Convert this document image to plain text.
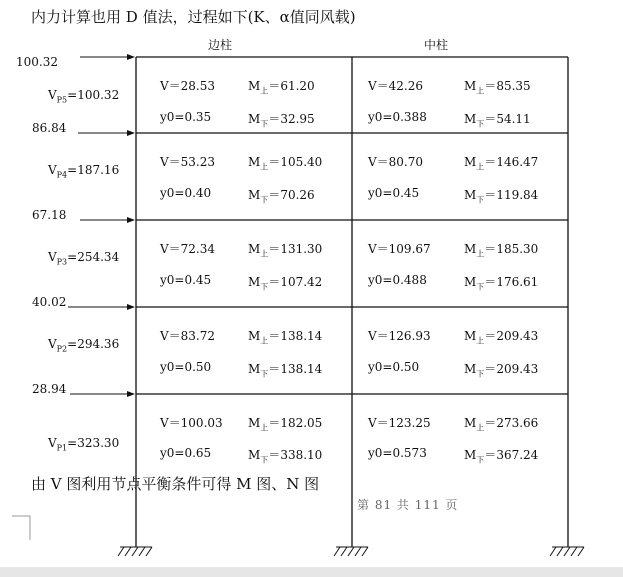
内力计算也用 D 值法，过程如下(K、α值同风载)
边柱	中柱
100.32
$V_{P5}=100.32$
V＝28.53	$M_上=61.20$
y0=0.35	$M_下=32.95$
V＝42.26	$M_上=85.35$
y0=0.388	$M_下=54.11$
86.84
$V_{P4}=187.16$
V＝53.23	$M_上=105.40$
y0=0.40	$M_下=70.26$
V＝80.70	$M_上=146.47$
y0=0.45	$M_下=119.84$
67.18
$V_{P3}=254.34$
V＝72.34	$M_上=131.30$
y0=0.45	$M_下=107.42$
V＝109.67	$M_上=185.30$
y0=0.488	$M_下=176.61$
40.02
$V_{P2}=294.36$
V＝83.72	$M_上=138.14$
y0=0.50	$M_下=138.14$
V＝126.93	$M_上=209.43$
y0=0.50	$M_下=209.43$
28.94
$V_{P1}=323.30$
V＝100.03 $M_上=182.05$
y0=0.65	$M_下=338.10$
V＝123.25	$M_上=273.66$
y0=0.573	$M_下=367.24$
由 V 图利用节点平衡条件可得 M 图、N 图
第 81 共 111 页
